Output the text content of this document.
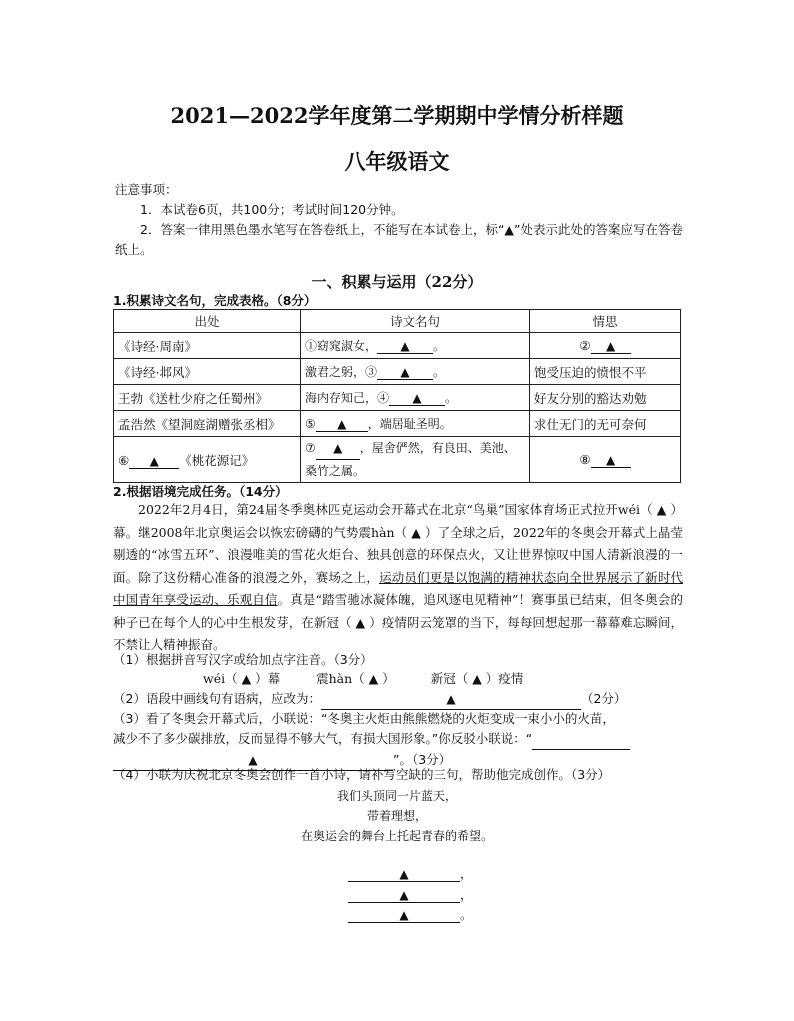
2021—2022学年度第二学期期中学情分析样题
八年级语文
注意事项：
1．本试卷6页，共100分；考试时间120分钟。
2．答案一律用黑色墨水笔写在答卷纸上，不能写在本试卷上，标“▲”处表示此处的答案应写在答卷纸上。
一、积累与运用（22分）
1.积累诗文名句，完成表格。（8分）
出处	诗文名句	情思
《诗经·周南》	①窈窕淑女， ▲ 。	② ▲
《诗经·邶风》	激君之躬，③ ▲ 。	饱受压迫的愤恨不平
王勃《送杜少府之任蜀州》	海内存知己，④ ▲ 。	好友分别的豁达劝勉
孟浩然《望洞庭湖赠张丞相》	⑤ ▲ ，端居耻圣明。	求仕无门的无可奈何
⑥ ▲ 《桃花源记》	⑦ ▲ ，屋舍俨然，有良田、美池、桑竹之属。	⑧ ▲
2.根据语境完成任务。（14分）
2022年2月4日，第24届冬季奥林匹克运动会开幕式在北京“鸟巢”国家体育场正式拉开wéi（ ▲ ）幕。继2008年北京奥运会以恢宏磅礴的气势震hàn（ ▲ ）了全球之后，2022年的冬奥会开幕式上晶莹剔透的“冰雪五环”、浪漫唯美的雪花火炬台、独具创意的环保点火，又让世界惊叹中国人清新浪漫的一面。除了这份精心准备的浪漫之外，赛场之上，运动员们更是以饱满的精神状态向全世界展示了新时代中国青年享受运动、乐观自信。真是“踏雪驰冰凝体魄，追风逐电见精神”！赛事虽已结束，但冬奥会的种子已在每个人的心中生根发芽，在新冠（ ▲ ）疫情阴云笼罩的当下，每每回想起那一幕幕难忘瞬间，不禁让人精神振奋。
（1）根据拼音写汉字或给加点字注音。（3分）
wéi（ ▲ ）幕	震hàn（ ▲ ）	新冠（ ▲ ）疫情
（2）语段中画线句有语病，应改为：	▲	（2分）
（3）看了冬奥会开幕式后，小联说：“冬奥主火炬由熊熊燃烧的火炬变成一束小小的火苗，
减少不了多少碳排放，反而显得不够大气，有损大国形象。”你反驳小联说：“
▲	”。（3分）
（4）小联为庆祝北京冬奥会创作一首小诗，请补写空缺的三句，帮助他完成创作。（3分）
我们头顶同一片蓝天，
带着理想，
在奥运会的舞台上托起青春的希望。
▲	，
▲	，
▲	。
